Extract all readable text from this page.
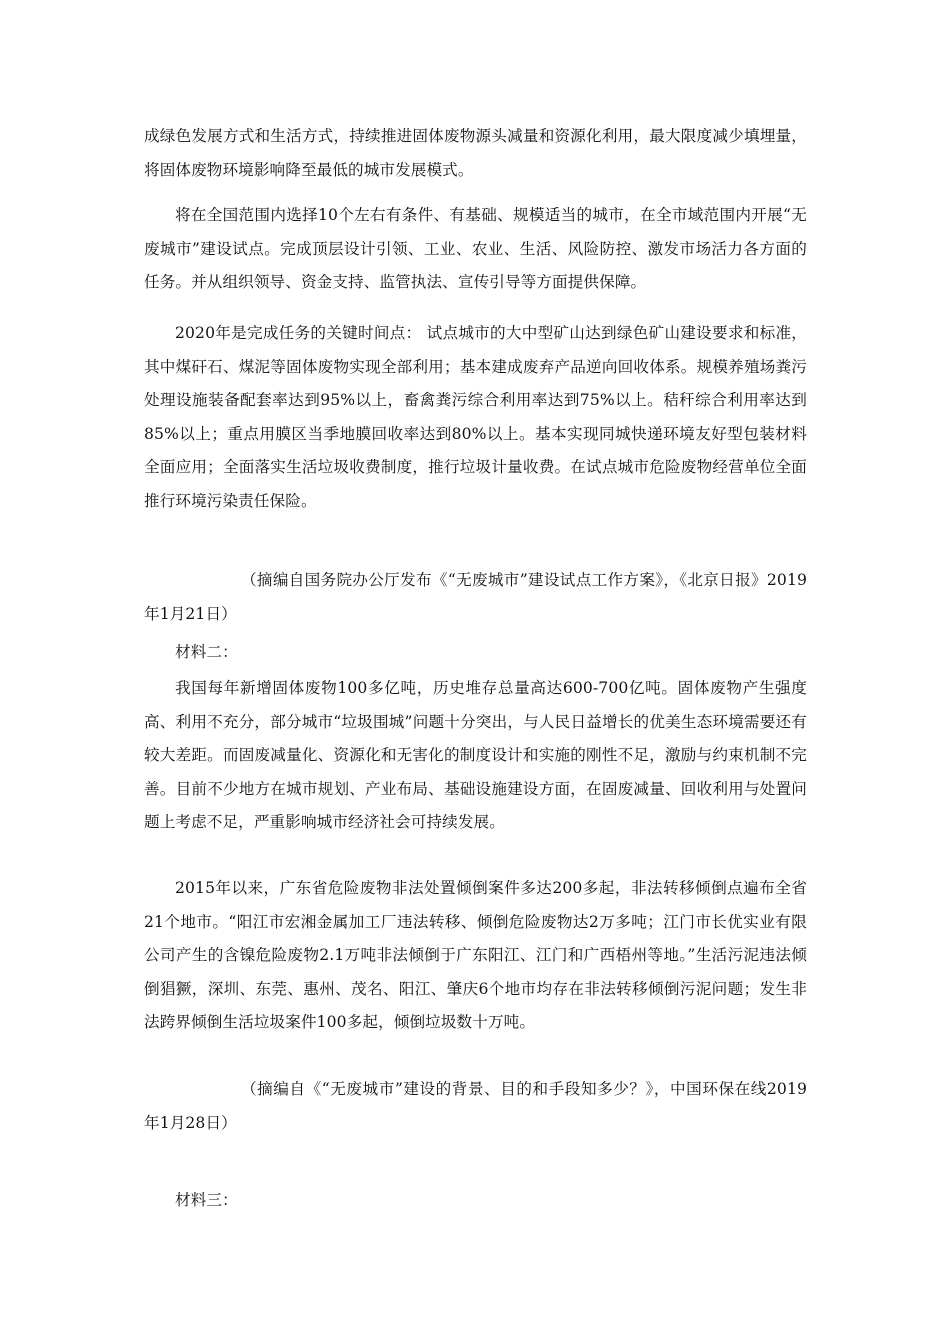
成绿色发展方式和生活方式，持续推进固体废物源头减量和资源化利用，最大限度减少填埋量，将固体废物环境影响降至最低的城市发展模式。

将在全国范围内选择10个左右有条件、有基础、规模适当的城市，在全市域范围内开展“无废城市”建设试点。完成顶层设计引领、工业、农业、生活、风险防控、激发市场活力各方面的任务。并从组织领导、资金支持、监管执法、宣传引导等方面提供保障。

2020年是完成任务的关键时间点： 试点城市的大中型矿山达到绿色矿山建设要求和标准，其中煤矸石、煤泥等固体废物实现全部利用；基本建成废弃产品逆向回收体系。规模养殖场粪污处理设施装备配套率达到95%以上，畜禽粪污综合利用率达到75%以上。秸秆综合利用率达到85%以上；重点用膜区当季地膜回收率达到80%以上。基本实现同城快递环境友好型包装材料全面应用；全面落实生活垃圾收费制度，推行垃圾计量收费。在试点城市危险废物经营单位全面推行环境污染责任保险。

（摘编自国务院办公厅发布《“无废城市”建设试点工作方案》，《北京日报》2019年1月21日）

材料二：

我国每年新增固体废物100多亿吨，历史堆存总量高达600-700亿吨。固体废物产生强度高、利用不充分，部分城市“垃圾围城”问题十分突出，与人民日益增长的优美生态环境需要还有较大差距。而固废减量化、资源化和无害化的制度设计和实施的刚性不足，激励与约束机制不完善。目前不少地方在城市规划、产业布局、基础设施建设方面，在固废减量、回收利用与处置问题上考虑不足，严重影响城市经济社会可持续发展。

2015年以来，广东省危险废物非法处置倾倒案件多达200多起，非法转移倾倒点遍布全省21个地市。“阳江市宏湘金属加工厂违法转移、倾倒危险废物达2万多吨；江门市长优实业有限公司产生的含镍危险废物2.1万吨非法倾倒于广东阳江、江门和广西梧州等地。”生活污泥违法倾倒猖獗，深圳、东莞、惠州、茂名、阳江、肇庆6个地市均存在非法转移倾倒污泥问题；发生非法跨界倾倒生活垃圾案件100多起，倾倒垃圾数十万吨。

（摘编自《“无废城市”建设的背景、目的和手段知多少？》，中国环保在线2019年1月28日）

材料三：
